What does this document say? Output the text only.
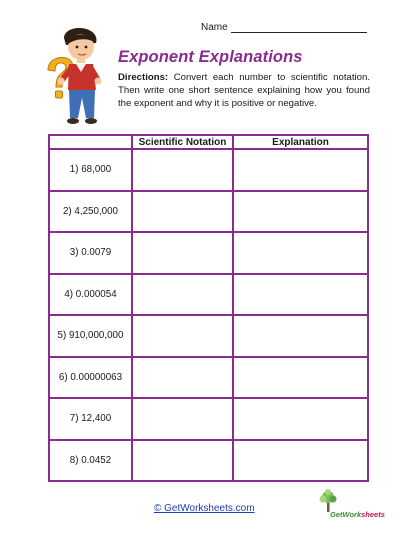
Name
Exponent Explanations

Directions: Convert each number to scientific notation. Then write one short sentence explaining how you found the exponent and why it is positive or negative.

	Scientific Notation	Explanation
1) 68,000		
2) 4,250,000		
3) 0.0079		
4) 0.000054		
5) 910,000,000		
6) 0.00000063		
7) 12,400		
8) 0.0452		
© GetWorksheets.com
GetWorksheets
